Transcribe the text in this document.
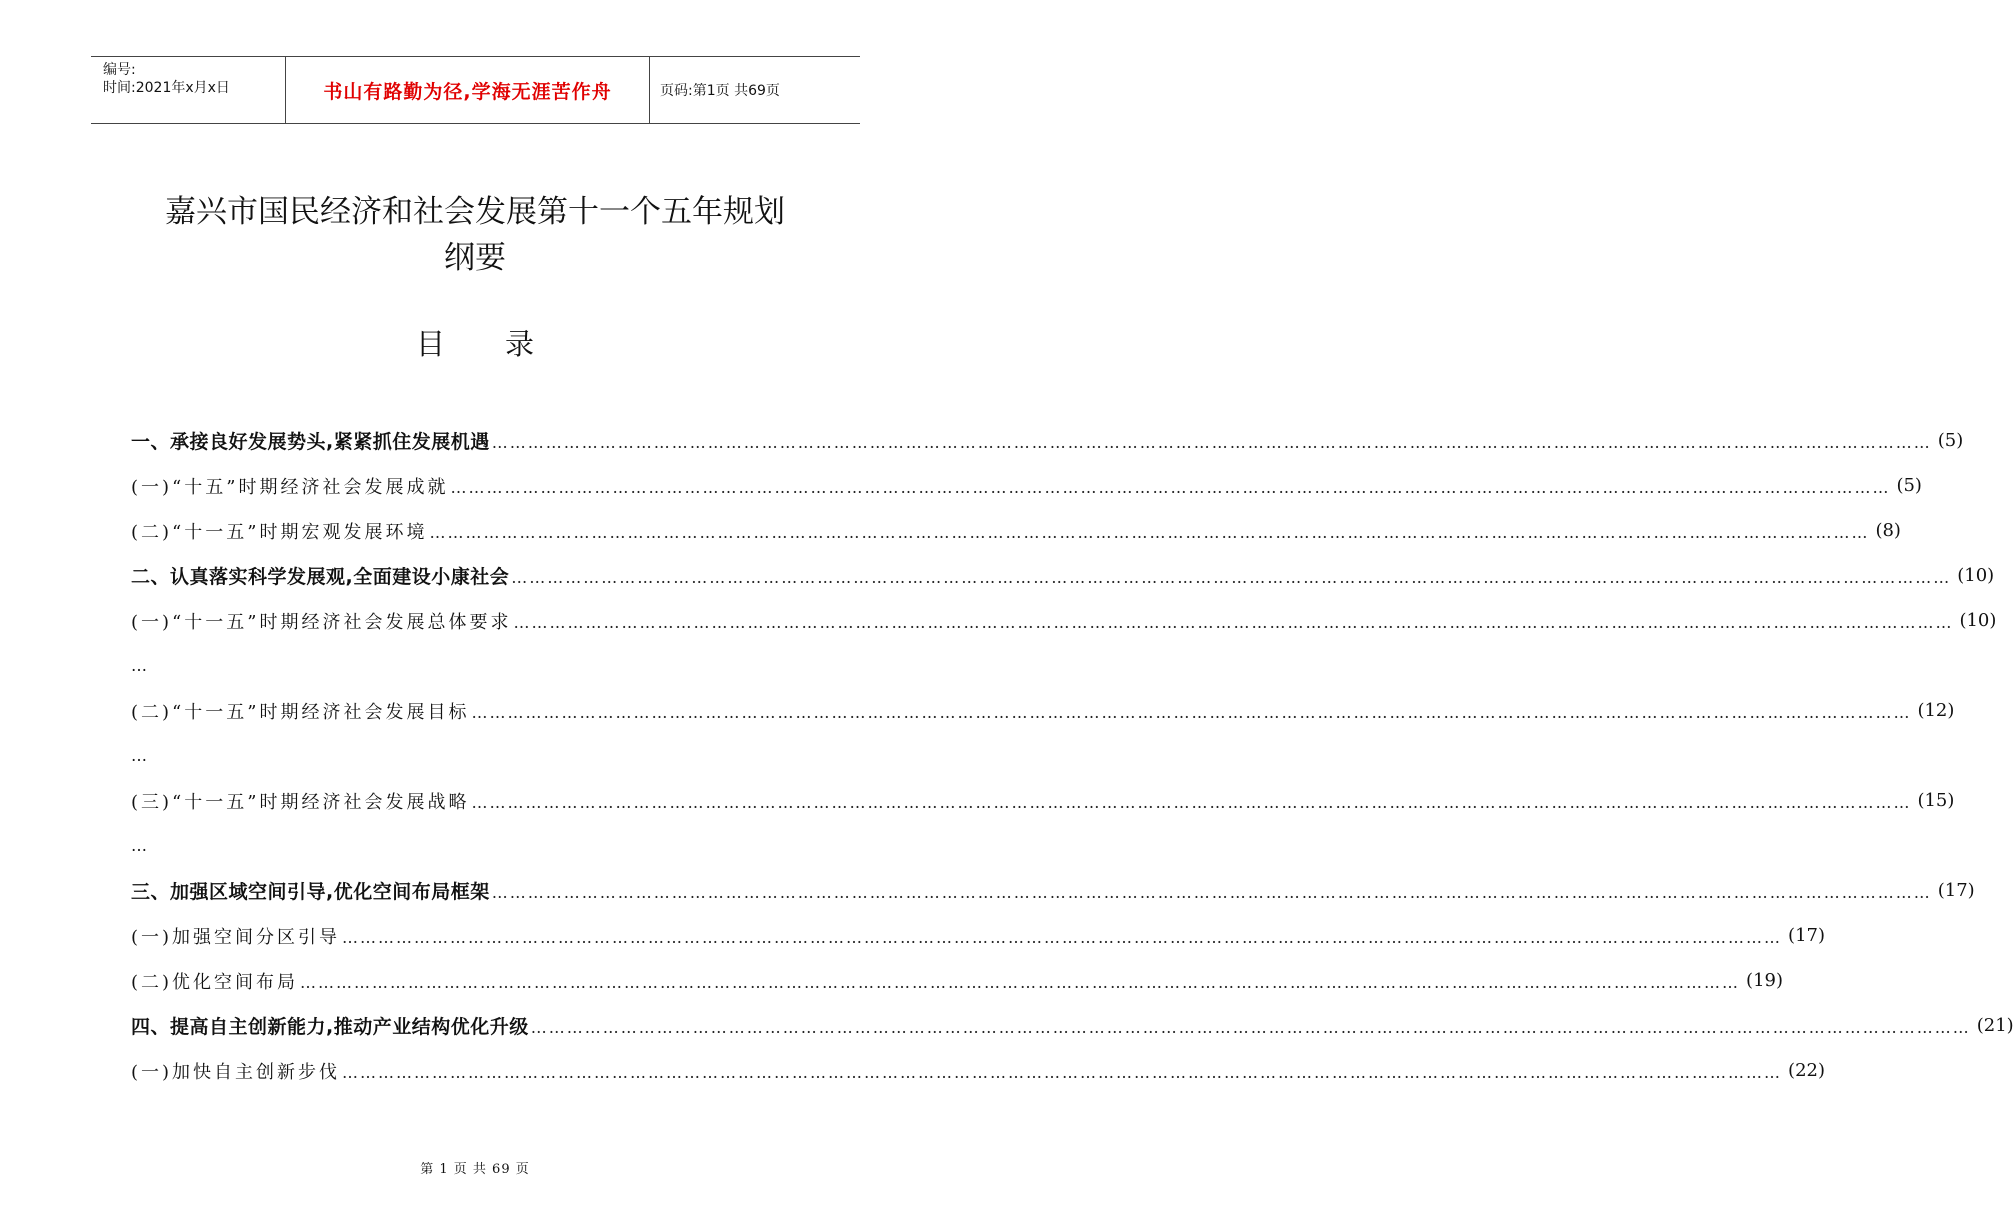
编号:
时间:2021年x月x日	书山有路勤为径,学海无涯苦作舟	页码:第1页 共69页
嘉兴市国民经济和社会发展第十一个五年规划
纲要
目录
一、承接良好发展势头,紧紧抓住发展机遇 …………………………………………………………………………………………………………………………………………………………………………………………………………………… (5)
(一)“十五”时期经济社会发展成就 …………………………………………………………………………………………………………………………………………………………………………………………………………………… (5)
(二)“十一五”时期宏观发展环境 …………………………………………………………………………………………………………………………………………………………………………………………………………………… (8)
二、认真落实科学发展观,全面建设小康社会 …………………………………………………………………………………………………………………………………………………………………………………………………………………… (10)
(一)“十一五”时期经济社会发展总体要求 …………………………………………………………………………………………………………………………………………………………………………………………………………………… (10)
…
(二)“十一五”时期经济社会发展目标 …………………………………………………………………………………………………………………………………………………………………………………………………………………… (12)
…
(三)“十一五”时期经济社会发展战略 …………………………………………………………………………………………………………………………………………………………………………………………………………………… (15)
…
三、加强区域空间引导,优化空间布局框架 …………………………………………………………………………………………………………………………………………………………………………………………………………………… (17)
(一)加强空间分区引导 …………………………………………………………………………………………………………………………………………………………………………………………………………………… (17)
(二)优化空间布局 …………………………………………………………………………………………………………………………………………………………………………………………………………………… (19)
四、提高自主创新能力,推动产业结构优化升级 …………………………………………………………………………………………………………………………………………………………………………………………………………………… (21)
(一)加快自主创新步伐 …………………………………………………………………………………………………………………………………………………………………………………………………………………… (22)
第 1 页 共 69 页
